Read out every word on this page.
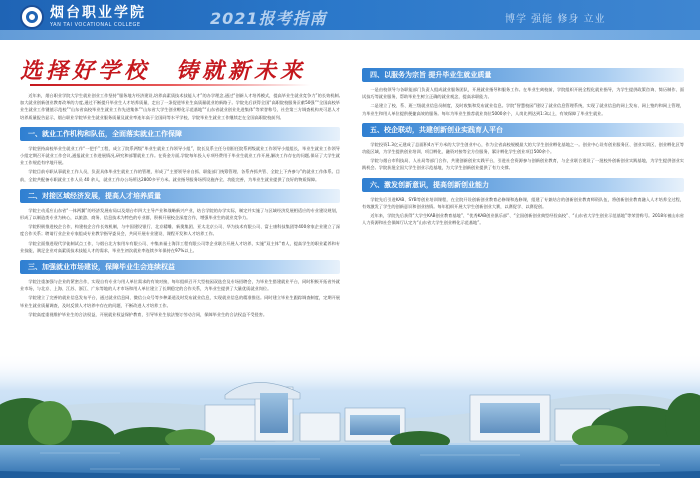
烟台职业学院
YAN TAI VOCATIONAL COLLEGE	2021报考指南	博学 强能 修身 立业
选择好学校　铸就新未来

近年来，烟台职业学院大学生就业创业工作坚持“服务地方经济建设,培养高素质技术技能人才”的办学理念,通过“创新人才培养模式，提高毕业生就业竞争力”的长效机制,加大就业创新创业教育改革的力度,通过不断提升毕业生人才培养质量，走出了一条促进毕业生高质量就业的新路子。学院先后获得全国“高职院校服务贡献50强”“全国高校毕业生就业工作键值示范校”“山东省高校毕业生就业工作先进集体”“山东省大学生创业孵化示范基地”“山东省就业创业先进集体”等荣誉称号，社会第三方调查机构麦可思人才培养质量报告显示，烟台职业学院毕业生就业服务质量及就业率连年高于全国同等水平学校，学院毕业生就业工作继续走在全国高职院校前列。

一、就业工作机构和队伍，全面落实就业工作保障

学院坚持高校毕业生就业工作“一把手”工程，成立了院系两级“毕业生就业工作领导小组”，院长及系主任分别担任院系两级就业工作领导小组组长，毕业生就业工作领导小组定期召开就业工作会议,通报就业工作进展情况,研究和部署就业工作。在资金方面,学院每年投入专项经费用于毕业生就业工作开展,解决工作存在的问题,保证了大学生就业工作规范有序地开展。

学院目前专职从事就业工作人员，负责具体毕业生就业工作的管理，形成了“主要领导亲自抓、职能部门统筹管理、各系齐抓共管、全院上下齐参与”的就业工作体系。目前，全院共配备专职就业工作人员 40 余人，就业工作办公场所达2800多平方米。就业指导服务场所设施齐全、功能完善，为毕业生就业提供了良好的物质保障。

二、对接区域经济发展，提高人才培养质量

学院主动适应山东省“一体两翼”的经济发展布局以及烟台市四大主导产业和战略新兴产业，结合学院的办学实际，制定并实施了与区域经济发展相适应的专业建设规划，形成了以制造类专业为核心，以旅游、商务、信息技术为特色的专业群，积极开展校企深度合作，增强毕业生的就业竞争力。

学院积极推进校企合作，构建校企合作长效机制，与中国建设银行、北京精雕、新奥集团、亚太北京公司、华为技术有限公司、富士康科技集团等400余家企业建立了深度合作关系；聘请行业企业专家组成专业教学指导委员会，共同开展专业建设、课程开发和人才培养工作。

学院全面推进现代学徒制试点工作，与烟台北方家用车有限公司、中集来福士海洋工程有限公司等企业联合开展人才培养，实施“双主体”育人，提高学生的职业素养和专业技能，满足企业对高素质技术技能人才的需求，毕业生初次就业率连续多年保持在97%以上。

三、加强就业市场建设，保障毕业生会连续权益

学院注重加强与企业的紧密合作，实现自有专业与用人单位需求的有效对接，每年组织召开大型校园双选会及专场招聘会，为毕业生搭建就业平台，同时积极开拓省外就业市场，与北京、上海、江苏、浙江、广东等地的人才市场和用人单位建立了长期稳定的合作关系，为毕业生提供了大量优质就业岗位。

学院建立了完善的就业信息发布平台，通过就业信息网、微信公众号等多种渠道及时发布就业信息，实现就业信息的精准推送。同时建立毕业生跟踪调查制度，定期开展毕业生就业质量调查，及时反馈人才培养中存在的问题，不断改进人才培养工作。

学院高度重视维护毕业生的合法权益，开展就业权益保护教育，引导毕业生依法签订劳动合同，保障毕业生的合法权益不受侵害。

四、以服务为宗旨 提升毕业生就业质量

一是由校领导与各职能部门负责人组成就业服务团队，开展就业指导和服务工作。在毕业生离校前，学院组织开展全程化就业指导，为学生提供政策咨询、简历制作、面试技巧等就业服务，帮助毕业生树立正确的就业观念，提高求职能力。

二是建立了校、系、班三级就业信息员制度，及时收集和发布就业信息。学院“智慧校园”建设了就业信息管理系统，实现了就业信息的网上发布、网上签约和网上管理，为毕业生和用人单位提供便捷高效的服务。每年为毕业生推荐就业岗位5000余个，人岗比例达到1:3以上，有效保障了毕业生就业。

五、校企联动，共建创新创业实践育人平台

学院投资1.3亿元建成了总面积4万平方米的大学生创业中心，作为全省高校规模最大的大学生创业孵化基地之一。创业中心设有创业服务区、创业实训区、创业孵化区等功能区域，为学生提供创业培训、项目孵化、融资对接等全方位服务，累计孵化学生创业项目500余个。

学院与烟台市科技局、人社局等部门合作，共建创新创业实践平台，引进社会资源参与创新创业教育，与企业联合建设了一批校外创新创业实践基地，为学生提供创业实践机会。学院获批全国大学生创业示范基地，为大学生创新创业提供了有力支撑。

六、激发创新意识，提高创新创业能力

学院先后引进KAB、SYB等创业培训课程，在全院开设创新创业教育必修课和选修课，组建了专兼结合的创新创业教育师资队伍，将创新创业教育融入人才培养全过程，有效激发了学生的创新意识和创业热情。每年组织开展大学生创新创业大赛，以赛促学、以赛促创。

近年来，学院先后获得“大学生KAB创业教育基地”、“优秀KAB创业俱乐部”、“全国创新创业典型经验高校”、“山东省大学生创业示范基地”等荣誉称号。2018年被山东省人力资源和社会保障厅认定为“山东省大学生创业孵化示范基地”。
